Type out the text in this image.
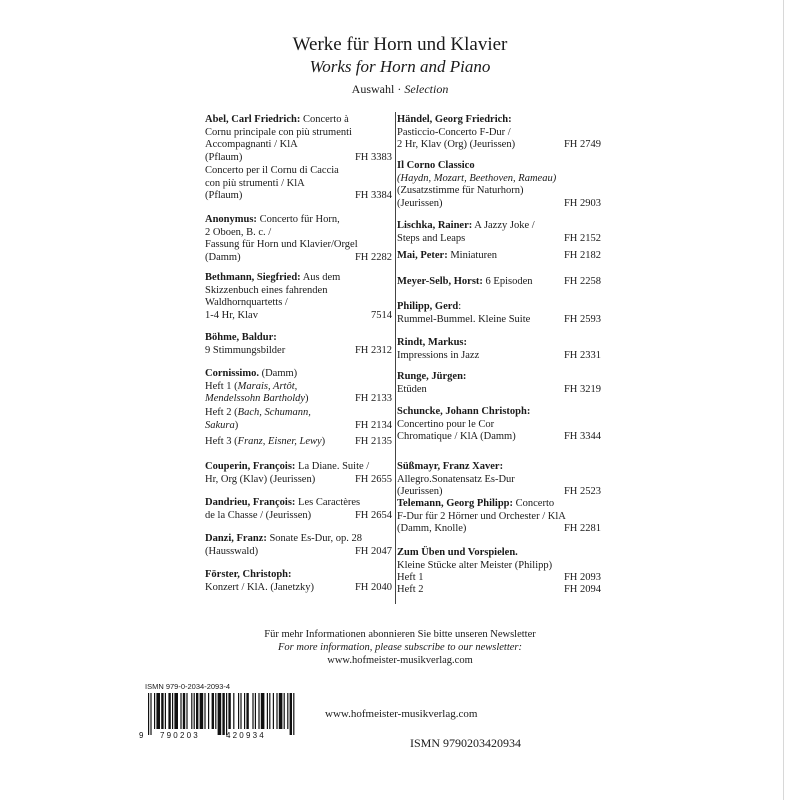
Werke für Horn und Klavier
Works for Horn and Piano
Auswahl · Selection
Abel, Carl Friedrich: Concerto à
Cornu principale con più strumenti
Accompagnanti / KlA
(Pflaum)	FH 3383
Concerto per il Cornu di Caccia
con più strumenti / KlA
(Pflaum)	FH 3384
Anonymus: Concerto für Horn,
2 Oboen, B. c. /
Fassung für Horn und Klavier/Orgel
(Damm)	FH 2282
Bethmann, Siegfried: Aus dem
Skizzenbuch eines fahrenden
Waldhornquartetts /
1-4 Hr, Klav	7514
Böhme, Baldur:
9 Stimmungsbilder	FH 2312
Cornissimo. (Damm)
Heft 1 (Marais, Artôt,
Mendelssohn Bartholdy)	FH 2133
Heft 2 (Bach, Schumann,
Sakura)	FH 2134
Heft 3 (Franz, Eisner, Lewy)	FH 2135
Couperin, François: La Diane. Suite /
Hr, Org (Klav) (Jeurissen)	FH 2655
Dandrieu, François: Les Caractères
de la Chasse / (Jeurissen)	FH 2654
Danzi, Franz: Sonate Es-Dur, op. 28
(Hausswald)	FH 2047
Förster, Christoph:
Konzert / KlA. (Janetzky)	FH 2040
Händel, Georg Friedrich:
Pasticcio-Concerto F-Dur /
2 Hr, Klav (Org) (Jeurissen)	FH 2749
Il Corno Classico
(Haydn, Mozart, Beethoven, Rameau)
(Zusatzstimme für Naturhorn)
(Jeurissen)	FH 2903
Lischka, Rainer: A Jazzy Joke /
Steps and Leaps	FH 2152
Mai, Peter: Miniaturen	FH 2182
Meyer-Selb, Horst: 6 Episoden	FH 2258
Philipp, Gerd:
Rummel-Bummel. Kleine Suite	FH 2593
Rindt, Markus:
Impressions in Jazz	FH 2331
Runge, Jürgen:
Etüden	FH 3219
Schuncke, Johann Christoph:
Concertino pour le Cor
Chromatique / KlA (Damm)	FH 3344
Süßmayr, Franz Xaver:
Allegro.Sonatensatz Es-Dur
(Jeurissen)	FH 2523
Telemann, Georg Philipp: Concerto
F-Dur für 2 Hörner und Orchester / KlA
(Damm, Knolle)	FH 2281
Zum Üben und Vorspielen.
Kleine Stücke alter Meister (Philipp)
Heft 1	FH 2093
Heft 2	FH 2094
Für mehr Informationen abonnieren Sie bitte unseren Newsletter
For more information, please subscribe to our newsletter:
www.hofmeister-musikverlag.com
ISMN 979-0-2034-2093-4
9 790203	420934
www.hofmeister-musikverlag.com
ISMN 9790203420934
